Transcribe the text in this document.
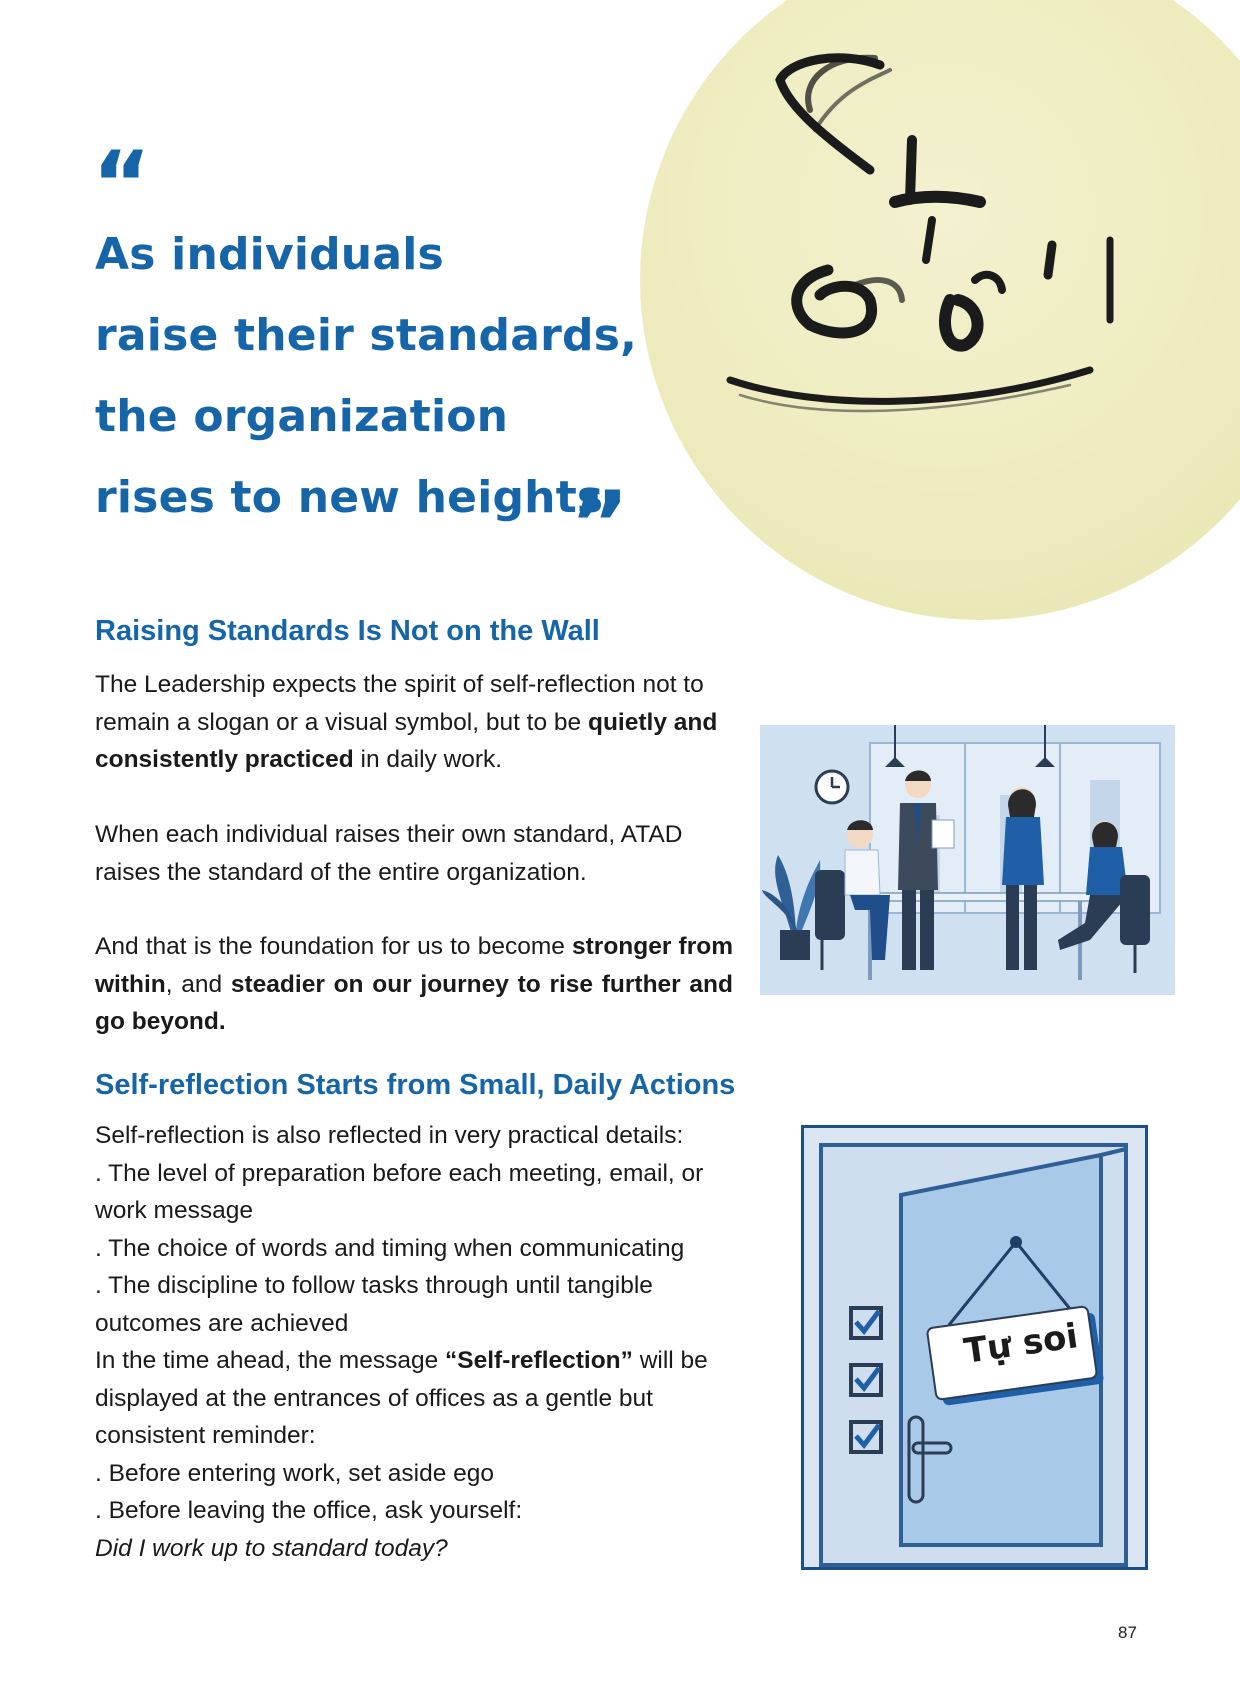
“
As individuals
raise their standards,
the organization
rises to new heights
”
Raising Standards Is Not on the Wall

The Leadership expects the spirit of self-reflection not to remain a slogan or a visual symbol, but to be quietly and consistently practiced in daily work.

When each individual raises their own standard, ATAD raises the standard of the entire organization.

And that is the foundation for us to become stronger from within, and steadier on our journey to rise further and go beyond.

Self-reflection Starts from Small, Daily Actions
Self-reflection is also reflected in very practical details:
. The level of preparation before each meeting, email, or work message
. The choice of words and timing when communicating
. The discipline to follow tasks through until tangible outcomes are achieved
In the time ahead, the message “Self-reflection” will be displayed at the entrances of offices as a gentle but consistent reminder:
. Before entering work, set aside ego
. Before leaving the office, ask yourself:
Did I work up to standard today?
Tự soi
87
